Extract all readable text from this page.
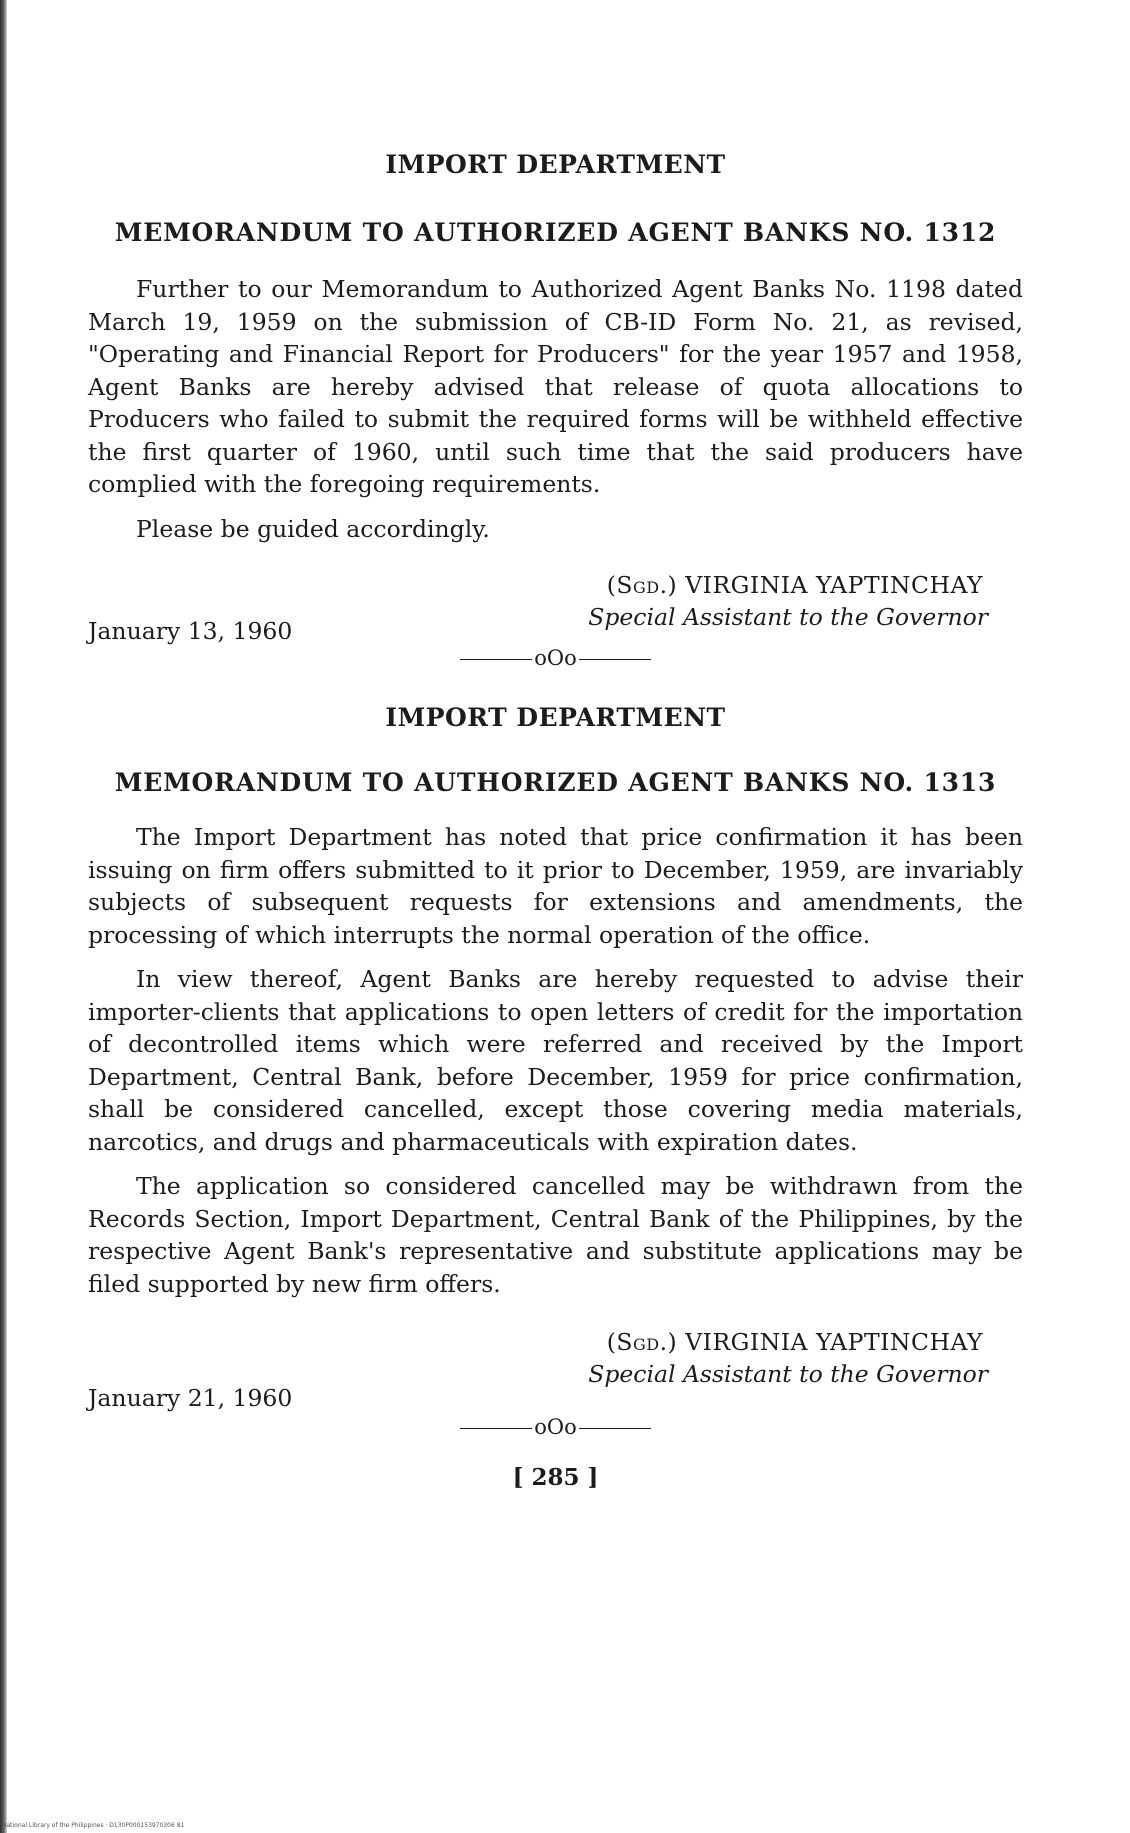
IMPORT DEPARTMENT
MEMORANDUM TO AUTHORIZED AGENT BANKS NO. 1312

Further to our Memorandum to Authorized Agent Banks No. 1198 dated March 19, 1959 on the submission of CB-ID Form No. 21, as revised, "Operating and Financial Report for Producers" for the year 1957 and 1958, Agent Banks are hereby advised that release of quota allocations to Producers who failed to submit the required forms will be withheld effective the first quarter of 1960, until such time that the said producers have complied with the foregoing requirements.

Please be guided accordingly.

(Sgd.) VIRGINIA YAPTINCHAY
Special Assistant to the Governor

January 13, 1960

oOo
IMPORT DEPARTMENT
MEMORANDUM TO AUTHORIZED AGENT BANKS NO. 1313

The Import Department has noted that price confirmation it has been issuing on firm offers submitted to it prior to December, 1959, are invariably subjects of subsequent requests for extensions and amendments, the processing of which interrupts the normal operation of the office.

In view thereof, Agent Banks are hereby requested to advise their importer-clients that applications to open letters of credit for the importation of decontrolled items which were referred and received by the Import Department, Central Bank, before December, 1959 for price confirmation, shall be considered cancelled, except those covering media materials, narcotics, and drugs and pharmaceuticals with expiration dates.

The application so considered cancelled may be withdrawn from the Records Section, Import Department, Central Bank of the Philippines, by the respective Agent Bank's representative and substitute applications may be filed supported by new firm offers.

(Sgd.) VIRGINIA YAPTINCHAY
Special Assistant to the Governor

January 21, 1960

oOo
[ 285 ]
National Library of the Philippines · D130P000153970306 81
